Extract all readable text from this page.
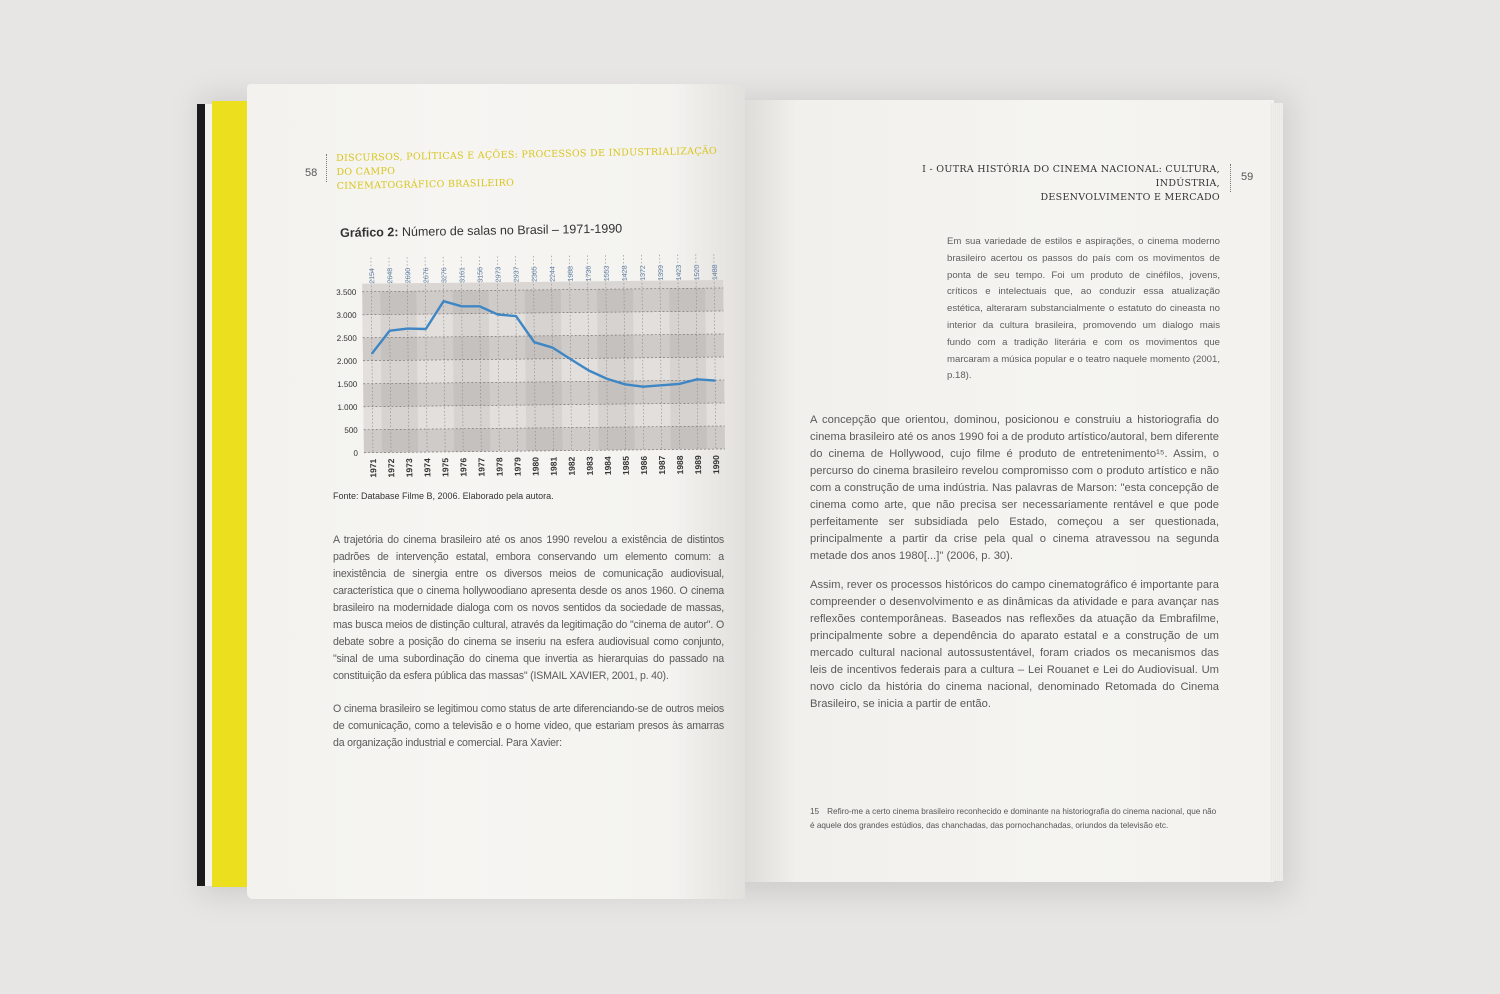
58
DISCURSOS, POLÍTICAS E AÇÕES: PROCESSOS DE INDUSTRIALIZAÇÃO DO CAMPO
CINEMATOGRÁFICO BRASILEIRO
Gráfico 2: Número de salas no Brasil – 1971-1990
0
500
1.000
1.500
2.000
2.500
3.000
3.500
2154 2648 2690 2676 3276 3161 3156 2973 2937 2365 2244 1988 1736 1553 1428 1372 1399 1423 1520 1488
1971 1972 1973 1974 1975 1976 1977 1978 1979 1980 1981 1982 1983 1984 1985 1986 1987 1988 1989 1990
Fonte: Database Filme B, 2006. Elaborado pela autora.
A trajetória do cinema brasileiro até os anos 1990 revelou a existência de distintos padrões de intervenção estatal, embora conservando um elemento comum: a inexistência de sinergia entre os diversos meios de comunicação audiovisual, característica que o cinema hollywoodiano apresenta desde os anos 1960. O cinema brasileiro na modernidade dialoga com os novos sentidos da sociedade de massas, mas busca meios de distinção cultural, através da legitimação do "cinema de autor". O debate sobre a posição do cinema se inseriu na esfera audiovisual como conjunto, "sinal de uma subordinação do cinema que invertia as hierarquias do passado na constituição da esfera pública das massas" (ISMAIL XAVIER, 2001, p. 40).
O cinema brasileiro se legitimou como status de arte diferenciando-se de outros meios de comunicação, como a televisão e o home video, que estariam presos às amarras da organização industrial e comercial. Para Xavier:
I - OUTRA HISTÓRIA DO CINEMA NACIONAL: CULTURA, INDÚSTRIA,
DESENVOLVIMENTO E MERCADO
59
Em sua variedade de estilos e aspirações, o cinema moderno brasileiro acertou os passos do país com os movimentos de ponta de seu tempo. Foi um produto de cinéfilos, jovens, críticos e intelectuais que, ao conduzir essa atualização estética, alteraram substancialmente o estatuto do cineasta no interior da cultura brasileira, promovendo um dialogo mais fundo com a tradição literária e com os movimentos que marcaram a música popular e o teatro naquele momento (2001, p.18).
A concepção que orientou, dominou, posicionou e construiu a historiografia do cinema brasileiro até os anos 1990 foi a de produto artístico/autoral, bem diferente do cinema de Hollywood, cujo filme é produto de entretenimento¹⁵. Assim, o percurso do cinema brasileiro revelou compromisso com o produto artístico e não com a construção de uma indústria. Nas palavras de Marson: "esta concepção de cinema como arte, que não precisa ser necessariamente rentável e que pode perfeitamente ser subsidiada pelo Estado, começou a ser questionada, principalmente a partir da crise pela qual o cinema atravessou na segunda metade dos anos 1980[...]" (2006, p. 30).
Assim, rever os processos históricos do campo cinematográfico é importante para compreender o desenvolvimento e as dinâmicas da atividade e para avançar nas reflexões contemporâneas. Baseados nas reflexões da atuação da Embrafilme, principalmente sobre a dependência do aparato estatal e a construção de um mercado cultural nacional autossustentável, foram criados os mecanismos das leis de incentivos federais para a cultura – Lei Rouanet e Lei do Audiovisual. Um novo ciclo da história do cinema nacional, denominado Retomada do Cinema Brasileiro, se inicia a partir de então.
15 Refiro-me a certo cinema brasileiro reconhecido e dominante na historiografia do cinema nacional, que não é aquele dos grandes estúdios, das chanchadas, das pornochanchadas, oriundos da televisão etc.
